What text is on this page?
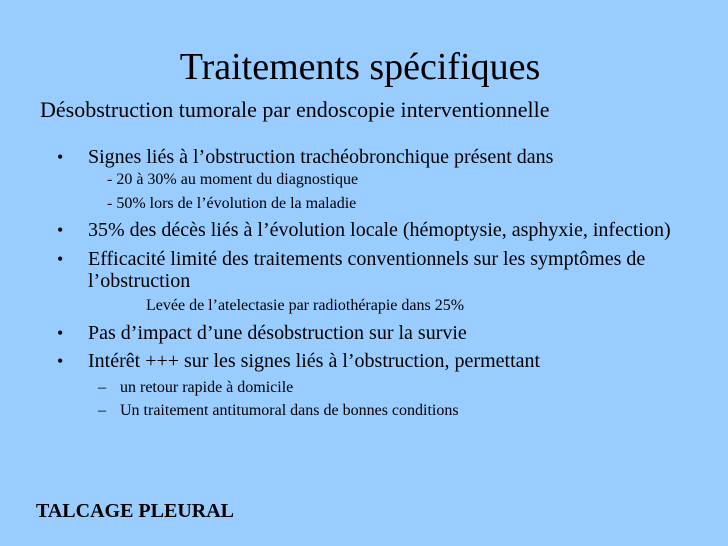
Traitements spécifiques
Désobstruction tumorale par endoscopie interventionnelle
• Signes liés à l’obstruction trachéobronchique présent dans
- 20 à 30% au moment du diagnostique
- 50% lors de l’évolution de la maladie
• 35% des décès liés à l’évolution locale (hémoptysie, asphyxie, infection)
• Efficacité limité des traitements conventionnels sur les symptômes de l’obstruction
Levée de l’atelectasie par radiothérapie dans 25%
• Pas d’impact d’une désobstruction sur la survie
• Intérêt +++ sur les signes liés à l’obstruction, permettant
– un retour rapide à domicile
– Un traitement antitumoral dans de bonnes conditions
TALCAGE PLEURAL
